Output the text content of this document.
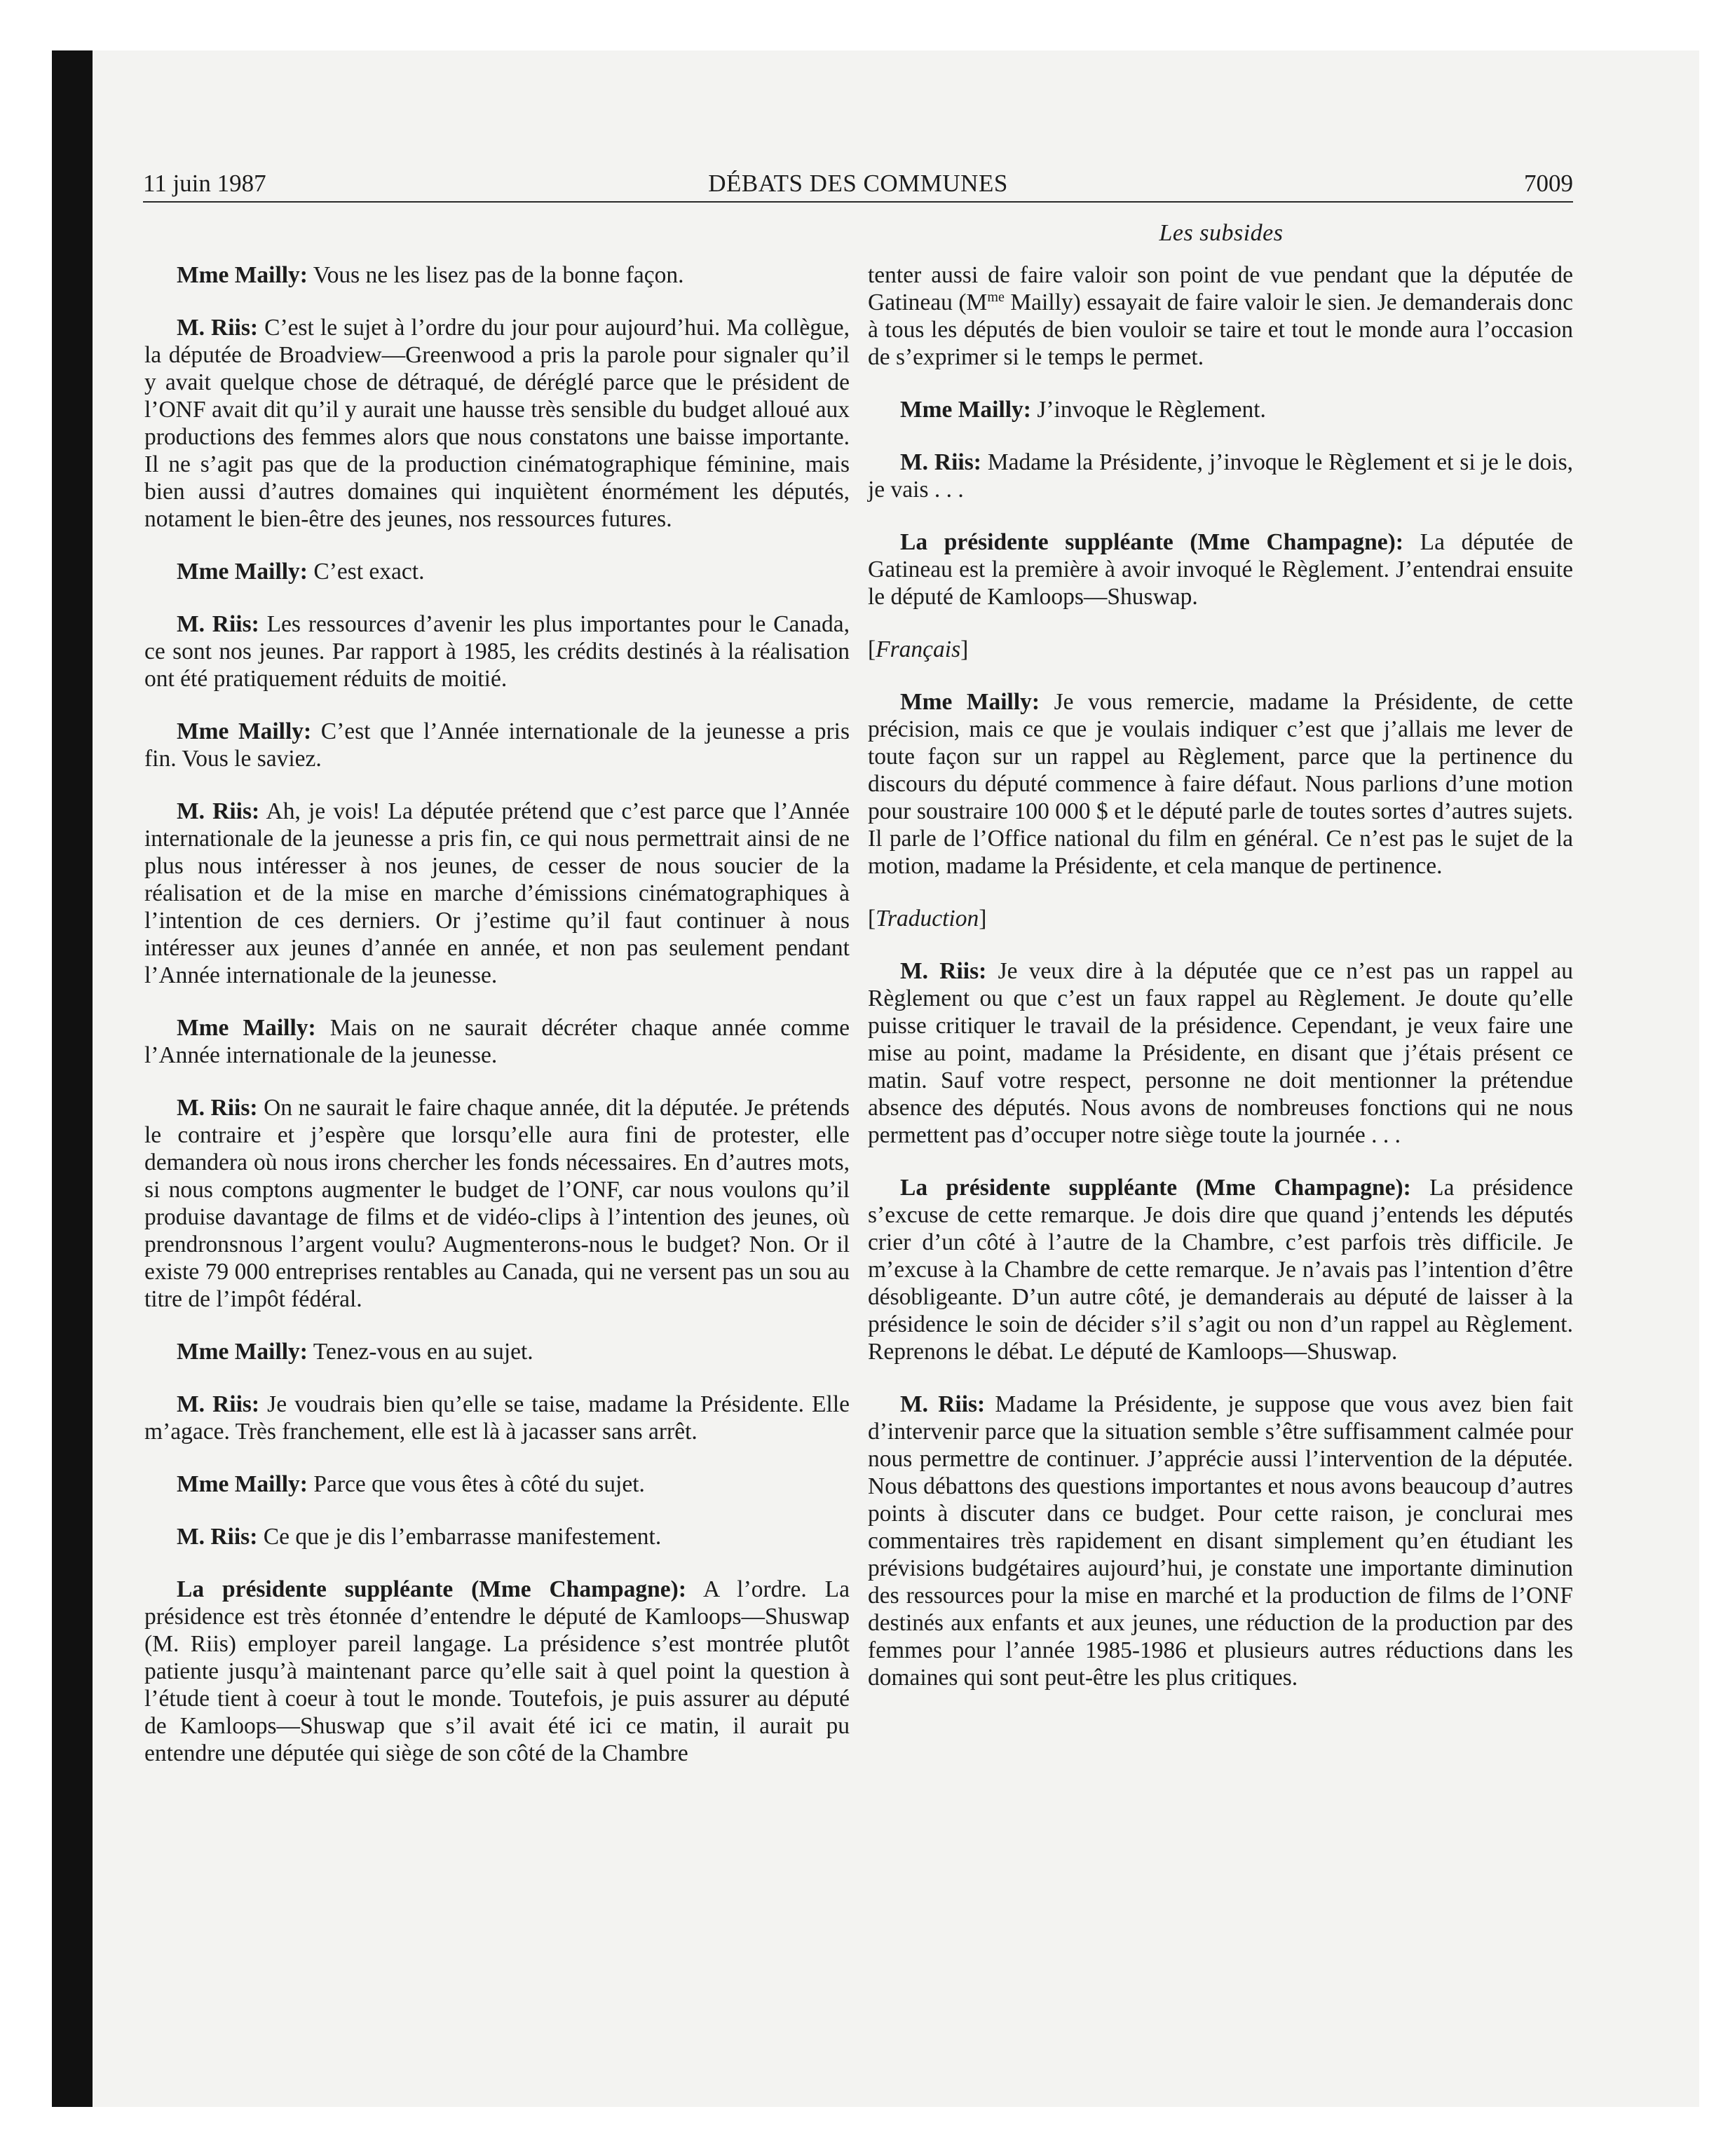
11 juin 1987	DÉBATS DES COMMUNES	7009
Les subsides

Mme Mailly: Vous ne les lisez pas de la bonne façon.

M. Riis: C’est le sujet à l’ordre du jour pour aujourd’hui. Ma collègue, la députée de Broadview—Greenwood a pris la parole pour signaler qu’il y avait quelque chose de détraqué, de déréglé parce que le président de l’ONF avait dit qu’il y aurait une hausse très sensible du budget alloué aux productions des femmes alors que nous constatons une baisse importante. Il ne s’agit pas que de la production cinématographique féminine, mais bien aussi d’autres domaines qui inquiètent énormément les députés, notament le bien-être des jeunes, nos ressources futures.

Mme Mailly: C’est exact.

M. Riis: Les ressources d’avenir les plus importantes pour le Canada, ce sont nos jeunes. Par rapport à 1985, les crédits destinés à la réalisation ont été pratiquement réduits de moitié.

Mme Mailly: C’est que l’Année internationale de la jeunesse a pris fin. Vous le saviez.

M. Riis: Ah, je vois! La députée prétend que c’est parce que l’Année internationale de la jeunesse a pris fin, ce qui nous permettrait ainsi de ne plus nous intéresser à nos jeunes, de cesser de nous soucier de la réalisation et de la mise en marche d’émissions cinématographiques à l’intention de ces derniers. Or j’estime qu’il faut continuer à nous intéresser aux jeunes d’année en année, et non pas seulement pendant l’Année internationale de la jeunesse.

Mme Mailly: Mais on ne saurait décréter chaque année comme l’Année internationale de la jeunesse.

M. Riis: On ne saurait le faire chaque année, dit la députée. Je prétends le contraire et j’espère que lorsqu’elle aura fini de protester, elle demandera où nous irons chercher les fonds nécessaires. En d’autres mots, si nous comptons augmenter le budget de l’ONF, car nous voulons qu’il produise davantage de films et de vidéo-clips à l’intention des jeunes, où prendronsnous l’argent voulu? Augmenterons-nous le budget? Non. Or il existe 79 000 entreprises rentables au Canada, qui ne versent pas un sou au titre de l’impôt fédéral.

Mme Mailly: Tenez-vous en au sujet.

M. Riis: Je voudrais bien qu’elle se taise, madame la Présidente. Elle m’agace. Très franchement, elle est là à jacasser sans arrêt.

Mme Mailly: Parce que vous êtes à côté du sujet.

M. Riis: Ce que je dis l’embarrasse manifestement.

La présidente suppléante (Mme Champagne): A l’ordre. La présidence est très étonnée d’entendre le député de Kamloops—Shuswap (M. Riis) employer pareil langage. La présidence s’est montrée plutôt patiente jusqu’à maintenant parce qu’elle sait à quel point la question à l’étude tient à coeur à tout le monde. Toutefois, je puis assurer au député de Kamloops—Shuswap que s’il avait été ici ce matin, il aurait pu entendre une députée qui siège de son côté de la Chambre

tenter aussi de faire valoir son point de vue pendant que la députée de Gatineau ($M^{me}$ Mailly) essayait de faire valoir le sien. Je demanderais donc à tous les députés de bien vouloir se taire et tout le monde aura l’occasion de s’exprimer si le temps le permet.

Mme Mailly: J’invoque le Règlement.

M. Riis: Madame la Présidente, j’invoque le Règlement et si je le dois, je vais . . .

La présidente suppléante (Mme Champagne): La députée de Gatineau est la première à avoir invoqué le Règlement. J’entendrai ensuite le député de Kamloops—Shuswap.

[Français]

Mme Mailly: Je vous remercie, madame la Présidente, de cette précision, mais ce que je voulais indiquer c’est que j’allais me lever de toute façon sur un rappel au Règlement, parce que la pertinence du discours du député commence à faire défaut. Nous parlions d’une motion pour soustraire 100 000 $ et le député parle de toutes sortes d’autres sujets. Il parle de l’Office national du film en général. Ce n’est pas le sujet de la motion, madame la Présidente, et cela manque de pertinence.

[Traduction]

M. Riis: Je veux dire à la députée que ce n’est pas un rappel au Règlement ou que c’est un faux rappel au Règlement. Je doute qu’elle puisse critiquer le travail de la présidence. Cependant, je veux faire une mise au point, madame la Présidente, en disant que j’étais présent ce matin. Sauf votre respect, personne ne doit mentionner la prétendue absence des députés. Nous avons de nombreuses fonctions qui ne nous permettent pas d’occuper notre siège toute la journée . . .

La présidente suppléante (Mme Champagne): La présidence s’excuse de cette remarque. Je dois dire que quand j’entends les députés crier d’un côté à l’autre de la Chambre, c’est parfois très difficile. Je m’excuse à la Chambre de cette remarque. Je n’avais pas l’intention d’être désobligeante. D’un autre côté, je demanderais au député de laisser à la présidence le soin de décider s’il s’agit ou non d’un rappel au Règlement. Reprenons le débat. Le député de Kamloops—Shuswap.

M. Riis: Madame la Présidente, je suppose que vous avez bien fait d’intervenir parce que la situation semble s’être suffisamment calmée pour nous permettre de continuer. J’apprécie aussi l’intervention de la députée. Nous débattons des questions importantes et nous avons beaucoup d’autres points à discuter dans ce budget. Pour cette raison, je conclurai mes commentaires très rapidement en disant simplement qu’en étudiant les prévisions budgétaires aujourd’hui, je constate une importante diminution des ressources pour la mise en marché et la production de films de l’ONF destinés aux enfants et aux jeunes, une réduction de la production par des femmes pour l’année 1985-1986 et plusieurs autres réductions dans les domaines qui sont peut-être les plus critiques.
